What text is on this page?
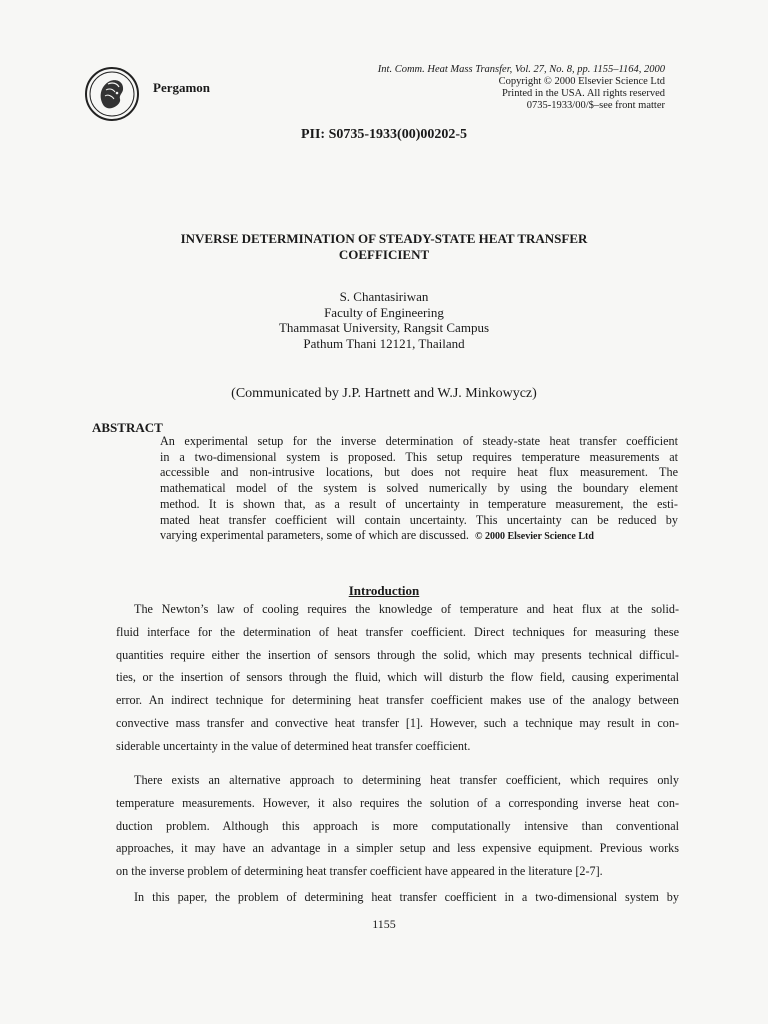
Pergamon
Int. Comm. Heat Mass Transfer, Vol. 27, No. 8, pp. 1155–1164, 2000
Copyright © 2000 Elsevier Science Ltd
Printed in the USA. All rights reserved
0735-1933/00/$–see front matter
PII: S0735-1933(00)00202-5
INVERSE DETERMINATION OF STEADY-STATE HEAT TRANSFER
COEFFICIENT
S. Chantasiriwan
Faculty of Engineering
Thammasat University, Rangsit Campus
Pathum Thani 12121, Thailand
(Communicated by J.P. Hartnett and W.J. Minkowycz)
ABSTRACT
An experimental setup for the inverse determination of steady-state heat transfer coefficient
in a two-dimensional system is proposed. This setup requires temperature measurements at
accessible and non-intrusive locations, but does not require heat flux measurement. The
mathematical model of the system is solved numerically by using the boundary element
method. It is shown that, as a result of uncertainty in temperature measurement, the esti-
mated heat transfer coefficient will contain uncertainty. This uncertainty can be reduced by
varying experimental parameters, some of which are discussed. © 2000 Elsevier Science Ltd
Introduction
The Newton’s law of cooling requires the knowledge of temperature and heat flux at the solid-
fluid interface for the determination of heat transfer coefficient. Direct techniques for measuring these
quantities require either the insertion of sensors through the solid, which may presents technical difficul-
ties, or the insertion of sensors through the fluid, which will disturb the flow field, causing experimental
error. An indirect technique for determining heat transfer coefficient makes use of the analogy between
convective mass transfer and convective heat transfer [1]. However, such a technique may result in con-
siderable uncertainty in the value of determined heat transfer coefficient.
There exists an alternative approach to determining heat transfer coefficient, which requires only
temperature measurements. However, it also requires the solution of a corresponding inverse heat con-
duction problem. Although this approach is more computationally intensive than conventional
approaches, it may have an advantage in a simpler setup and less expensive equipment. Previous works
on the inverse problem of determining heat transfer coefficient have appeared in the literature [2-7].
In this paper, the problem of determining heat transfer coefficient in a two-dimensional system by
1155
